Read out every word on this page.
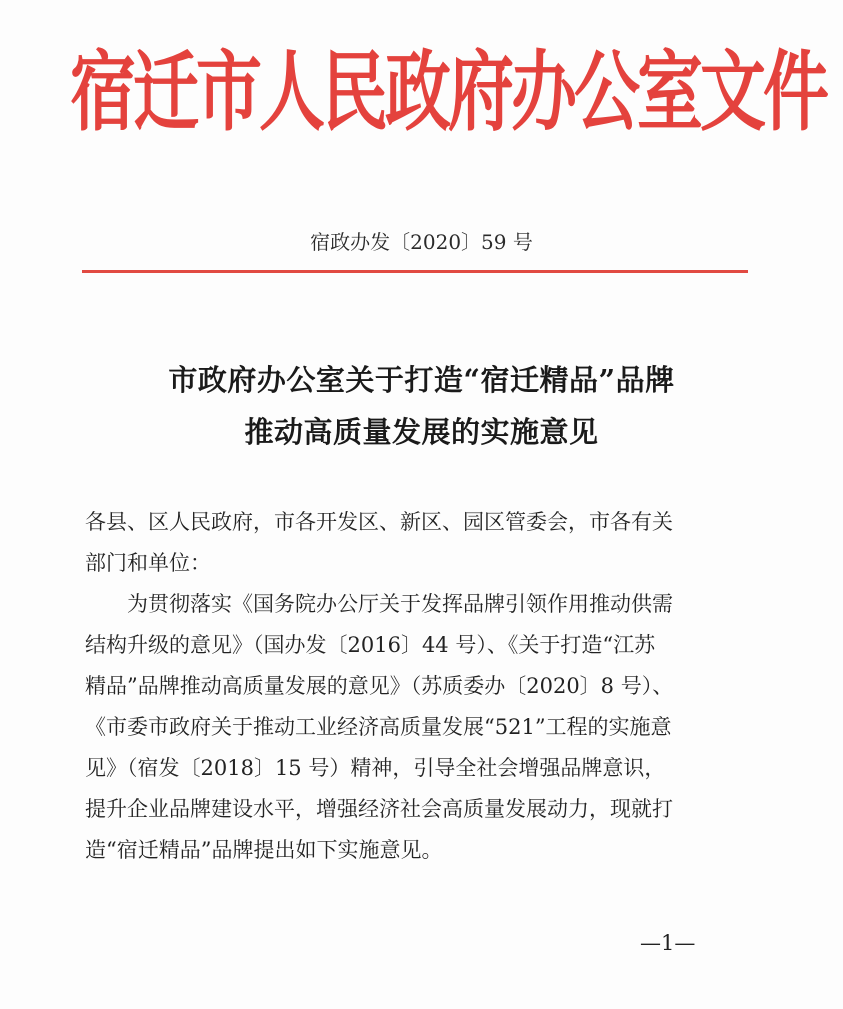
宿迁市人民政府办公室文件
宿政办发〔2020〕59 号
市政府办公室关于打造“宿迁精品”品牌
推动高质量发展的实施意见
各县、区人民政府，市各开发区、新区、园区管委会，市各有关
部门和单位：
为贯彻落实《国务院办公厅关于发挥品牌引领作用推动供需
结构升级的意见》（国办发〔2016〕44 号）、《关于打造“江苏
精品”品牌推动高质量发展的意见》（苏质委办〔2020〕8 号）、
《市委市政府关于推动工业经济高质量发展“521”工程的实施意
见》（宿发〔2018〕15 号）精神，引导全社会增强品牌意识，
提升企业品牌建设水平，增强经济社会高质量发展动力，现就打
造“宿迁精品”品牌提出如下实施意见。
—1—
